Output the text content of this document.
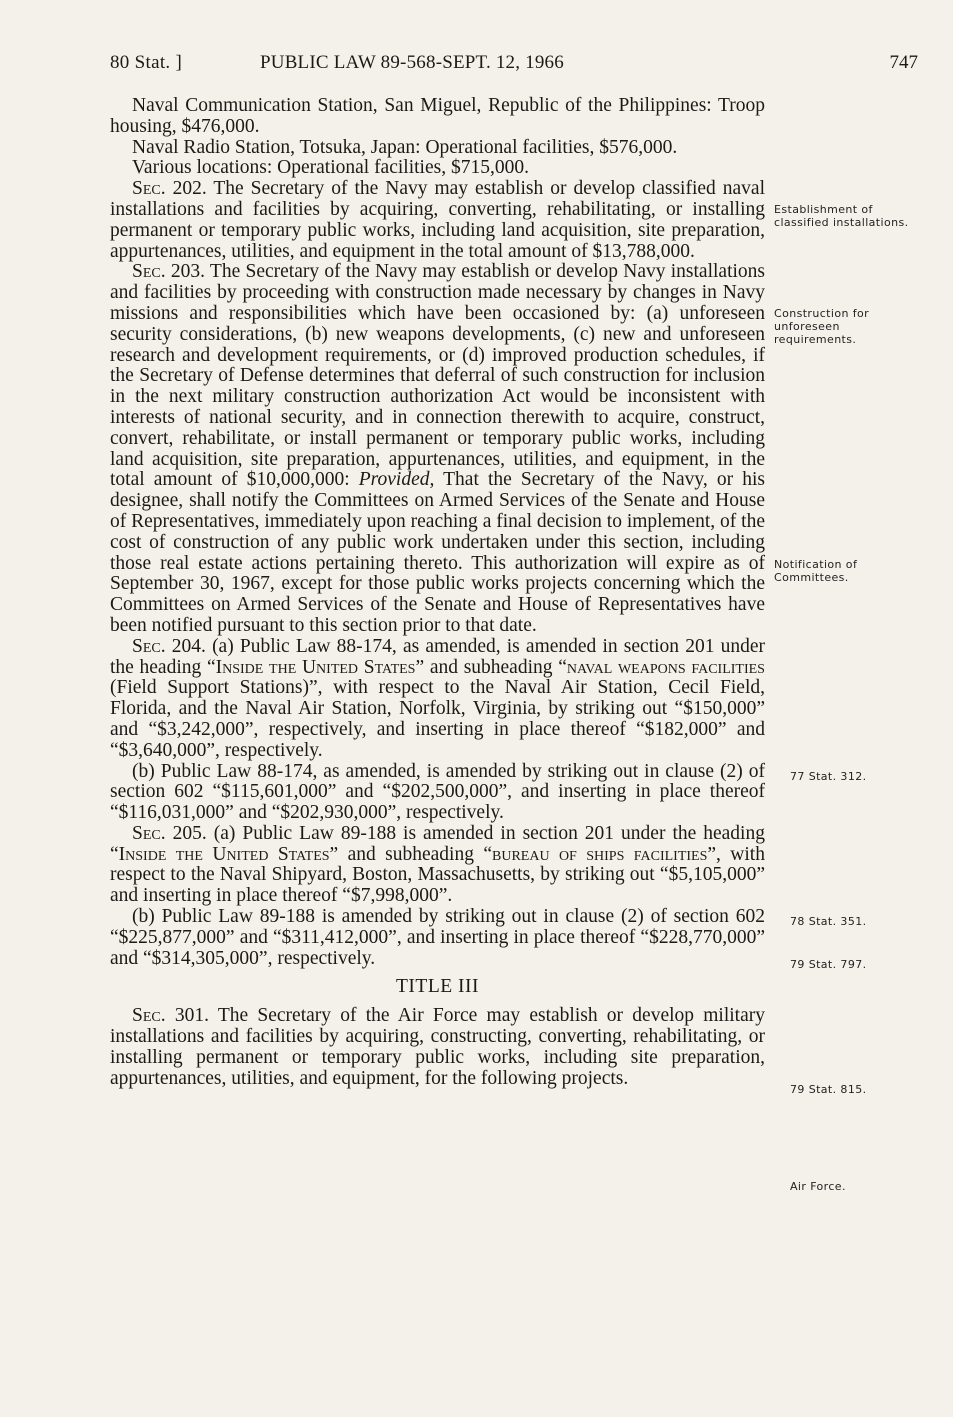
80 Stat. ]	PUBLIC LAW 89-568-SEPT. 12, 1966	747

Naval Communication Station, San Miguel, Republic of the Philippines: Troop housing, $476,000.

Naval Radio Station, Totsuka, Japan: Operational facilities, $576,000.

Various locations: Operational facilities, $715,000.

Sec. 202. The Secretary of the Navy may establish or develop classified naval installations and facilities by acquiring, converting, rehabilitating, or installing permanent or temporary public works, including land acquisition, site preparation, appurtenances, utilities, and equipment in the total amount of $13,788,000.

Sec. 203. The Secretary of the Navy may establish or develop Navy installations and facilities by proceeding with construction made necessary by changes in Navy missions and responsibilities which have been occasioned by: (a) unforeseen security considerations, (b) new weapons developments, (c) new and unforeseen research and development requirements, or (d) improved production schedules, if the Secretary of Defense determines that deferral of such construction for inclusion in the next military construction authorization Act would be inconsistent with interests of national security, and in connection therewith to acquire, construct, convert, rehabilitate, or install permanent or temporary public works, including land acquisition, site preparation, appurtenances, utilities, and equipment, in the total amount of $10,000,000: Provided, That the Secretary of the Navy, or his designee, shall notify the Committees on Armed Services of the Senate and House of Representatives, immediately upon reaching a final decision to implement, of the cost of construction of any public work undertaken under this section, including those real estate actions pertaining thereto. This authorization will expire as of September 30, 1967, except for those public works projects concerning which the Committees on Armed Services of the Senate and House of Representatives have been notified pursuant to this section prior to that date.

Sec. 204. (a) Public Law 88-174, as amended, is amended in section 201 under the heading “Inside the United States” and subheading “naval weapons facilities (Field Support Stations)”, with respect to the Naval Air Station, Cecil Field, Florida, and the Naval Air Station, Norfolk, Virginia, by striking out “$150,000” and “$3,242,000”, respectively, and inserting in place thereof “$182,000” and “$3,640,000”, respectively.

(b) Public Law 88-174, as amended, is amended by striking out in clause (2) of section 602 “$115,601,000” and “$202,500,000”, and inserting in place thereof “$116,031,000” and “$202,930,000”, respectively.

Sec. 205. (a) Public Law 89-188 is amended in section 201 under the heading “Inside the United States” and subheading “bureau of ships facilities”, with respect to the Naval Shipyard, Boston, Massachusetts, by striking out “$5,105,000” and inserting in place thereof “$7,998,000”.

(b) Public Law 89-188 is amended by striking out in clause (2) of section 602 “$225,877,000” and “$311,412,000”, and inserting in place thereof “$228,770,000” and “$314,305,000”, respectively.

TITLE III

Sec. 301. The Secretary of the Air Force may establish or develop military installations and facilities by acquiring, constructing, converting, rehabilitating, or installing permanent or temporary public works, including site preparation, appurtenances, utilities, and equipment, for the following projects.

Establishment of classified installations.
Construction for unforeseen requirements.
Notification of Committees.
77 Stat. 312.
78 Stat. 351.
79 Stat. 797.
79 Stat. 815.
Air Force.
